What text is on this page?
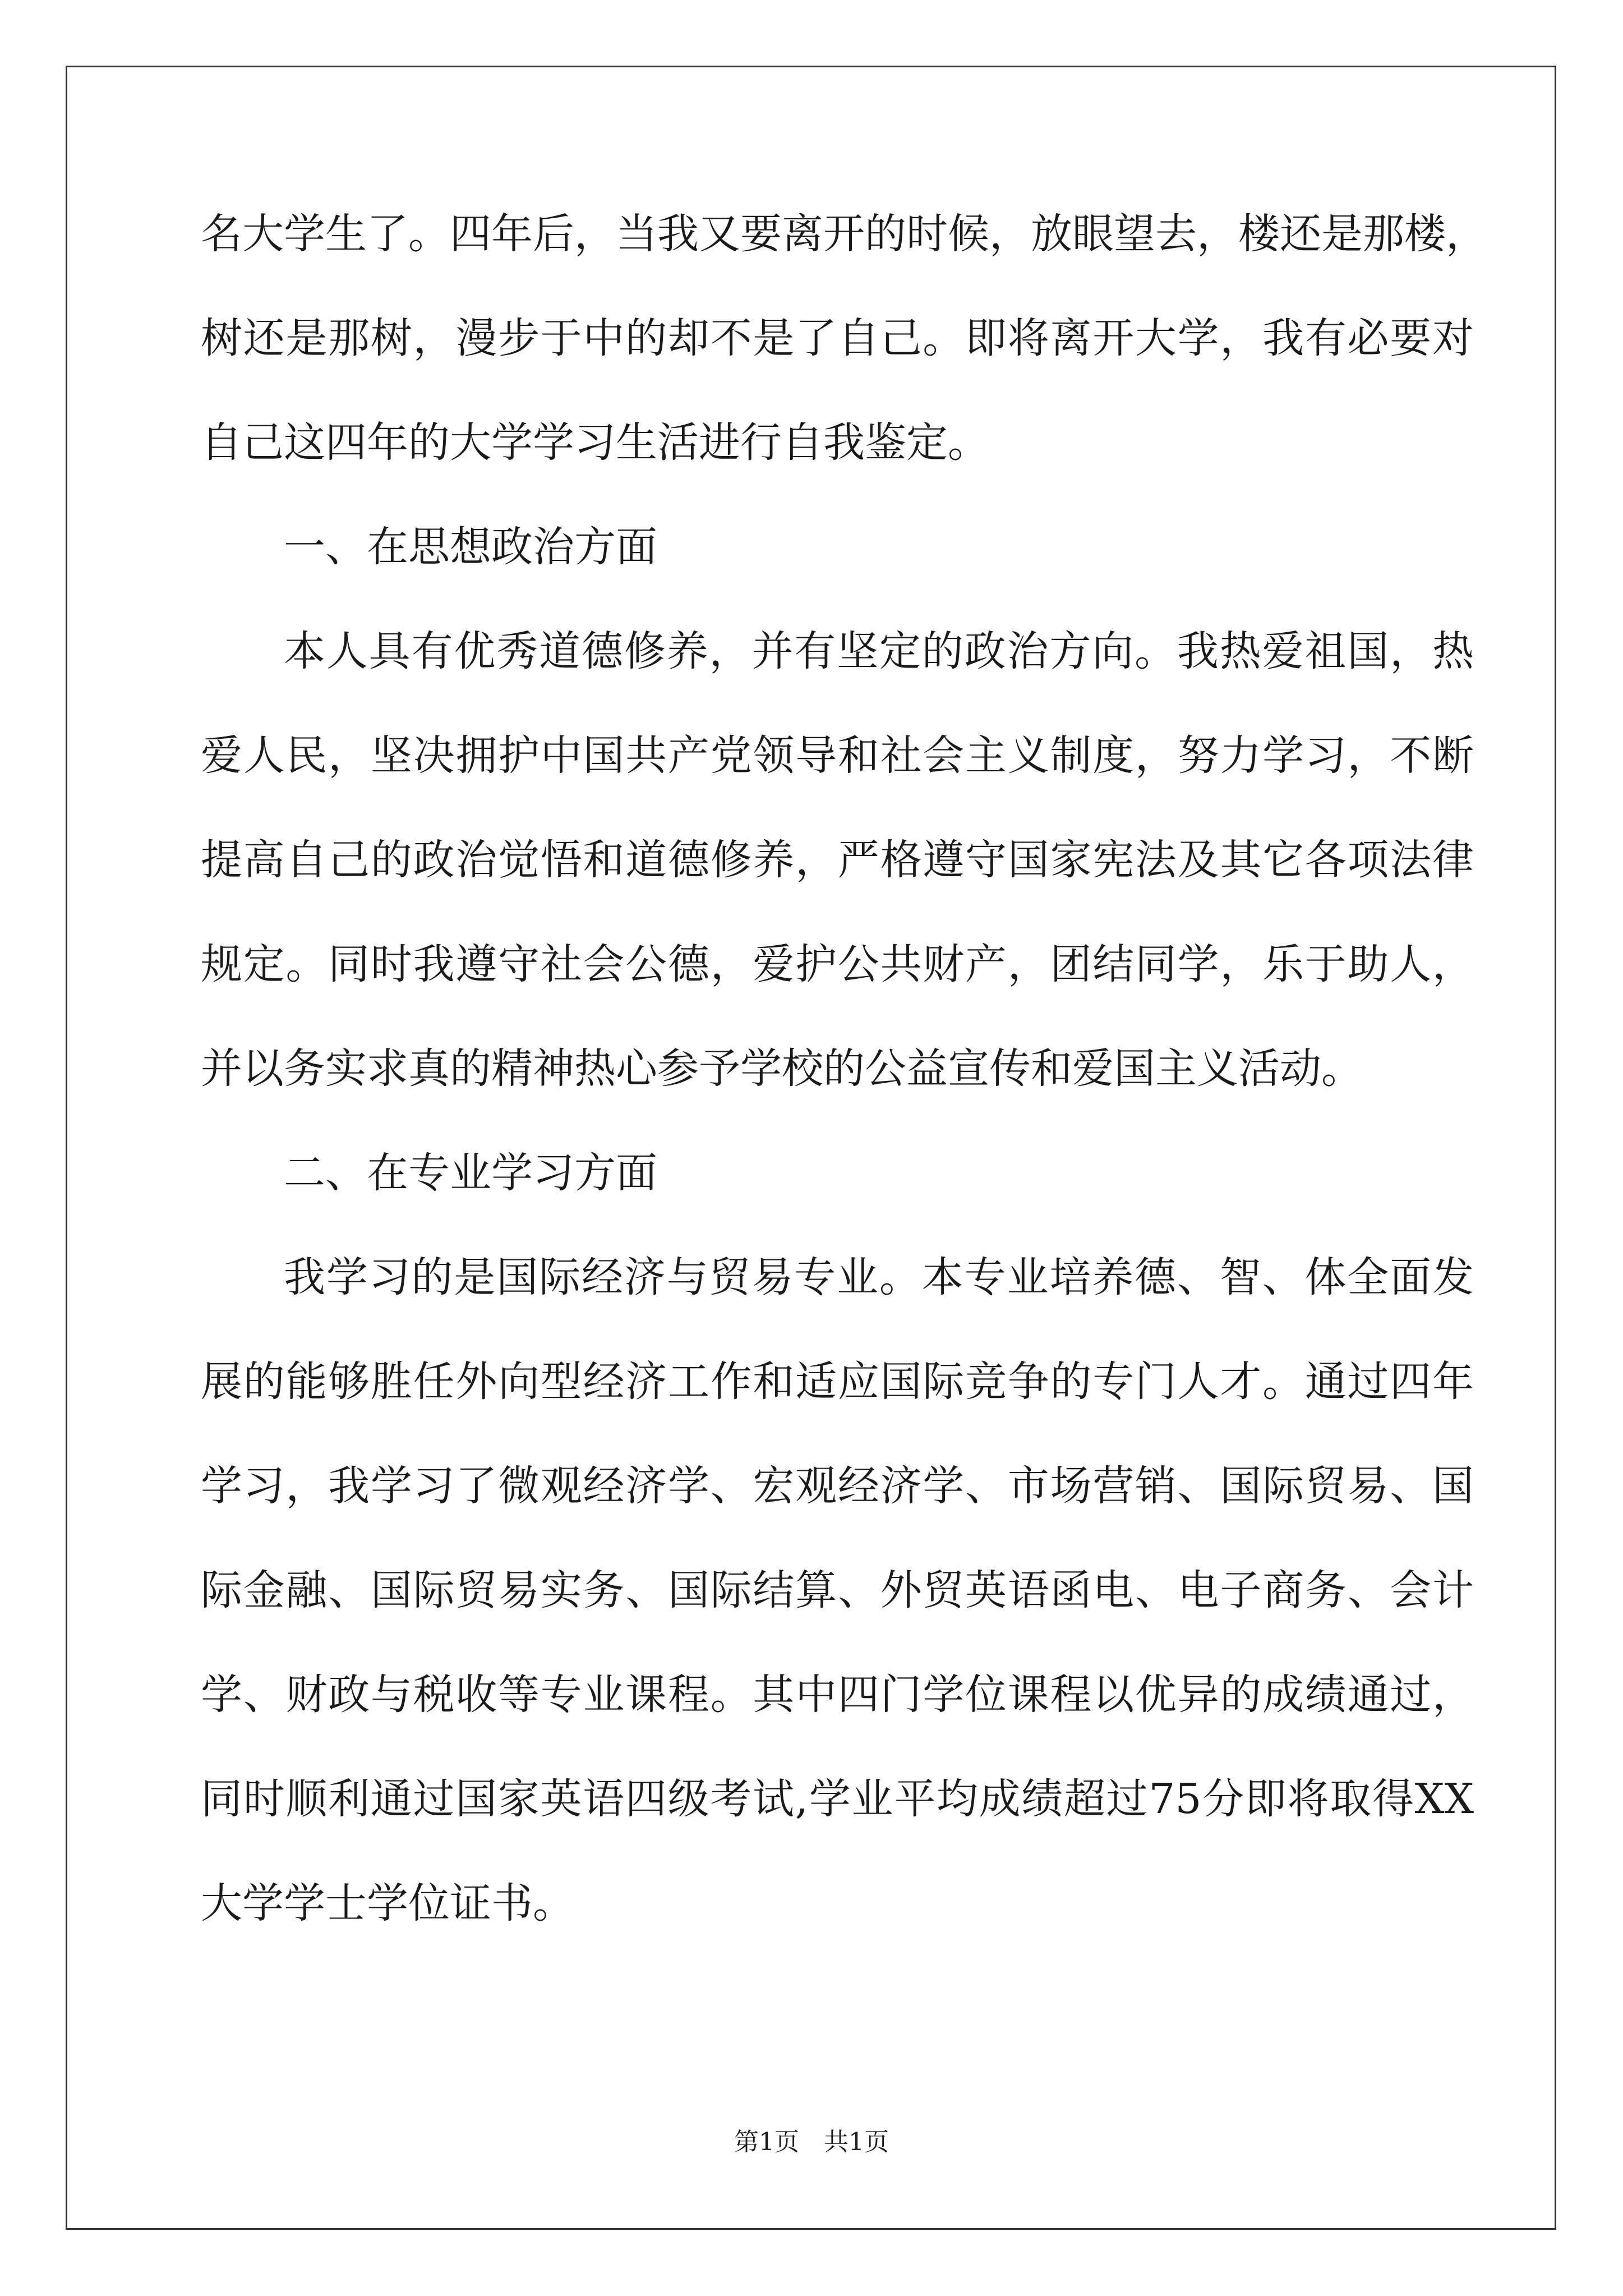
名大学生了。四年后，当我又要离开的时候，放眼望去，楼还是那楼，
树还是那树，漫步于中的却不是了自己。即将离开大学，我有必要对
自己这四年的大学学习生活进行自我鉴定。
一、在思想政治方面
本人具有优秀道德修养，并有坚定的政治方向。我热爱祖国，热
爱人民，坚决拥护中国共产党领导和社会主义制度，努力学习，不断
提高自己的政治觉悟和道德修养，严格遵守国家宪法及其它各项法律
规定。同时我遵守社会公德，爱护公共财产，团结同学，乐于助人，
并以务实求真的精神热心参予学校的公益宣传和爱国主义活动。
二、在专业学习方面
我学习的是国际经济与贸易专业。本专业培养德、智、体全面发
展的能够胜任外向型经济工作和适应国际竞争的专门人才。通过四年
学习，我学习了微观经济学、宏观经济学、市场营销、国际贸易、国
际金融、国际贸易实务、国际结算、外贸英语函电、电子商务、会计
学、财政与税收等专业课程。其中四门学位课程以优异的成绩通过，
同时顺利通过国家英语四级考试,学业平均成绩超过75分即将取得XX
大学学士学位证书。
第1页　共1页
